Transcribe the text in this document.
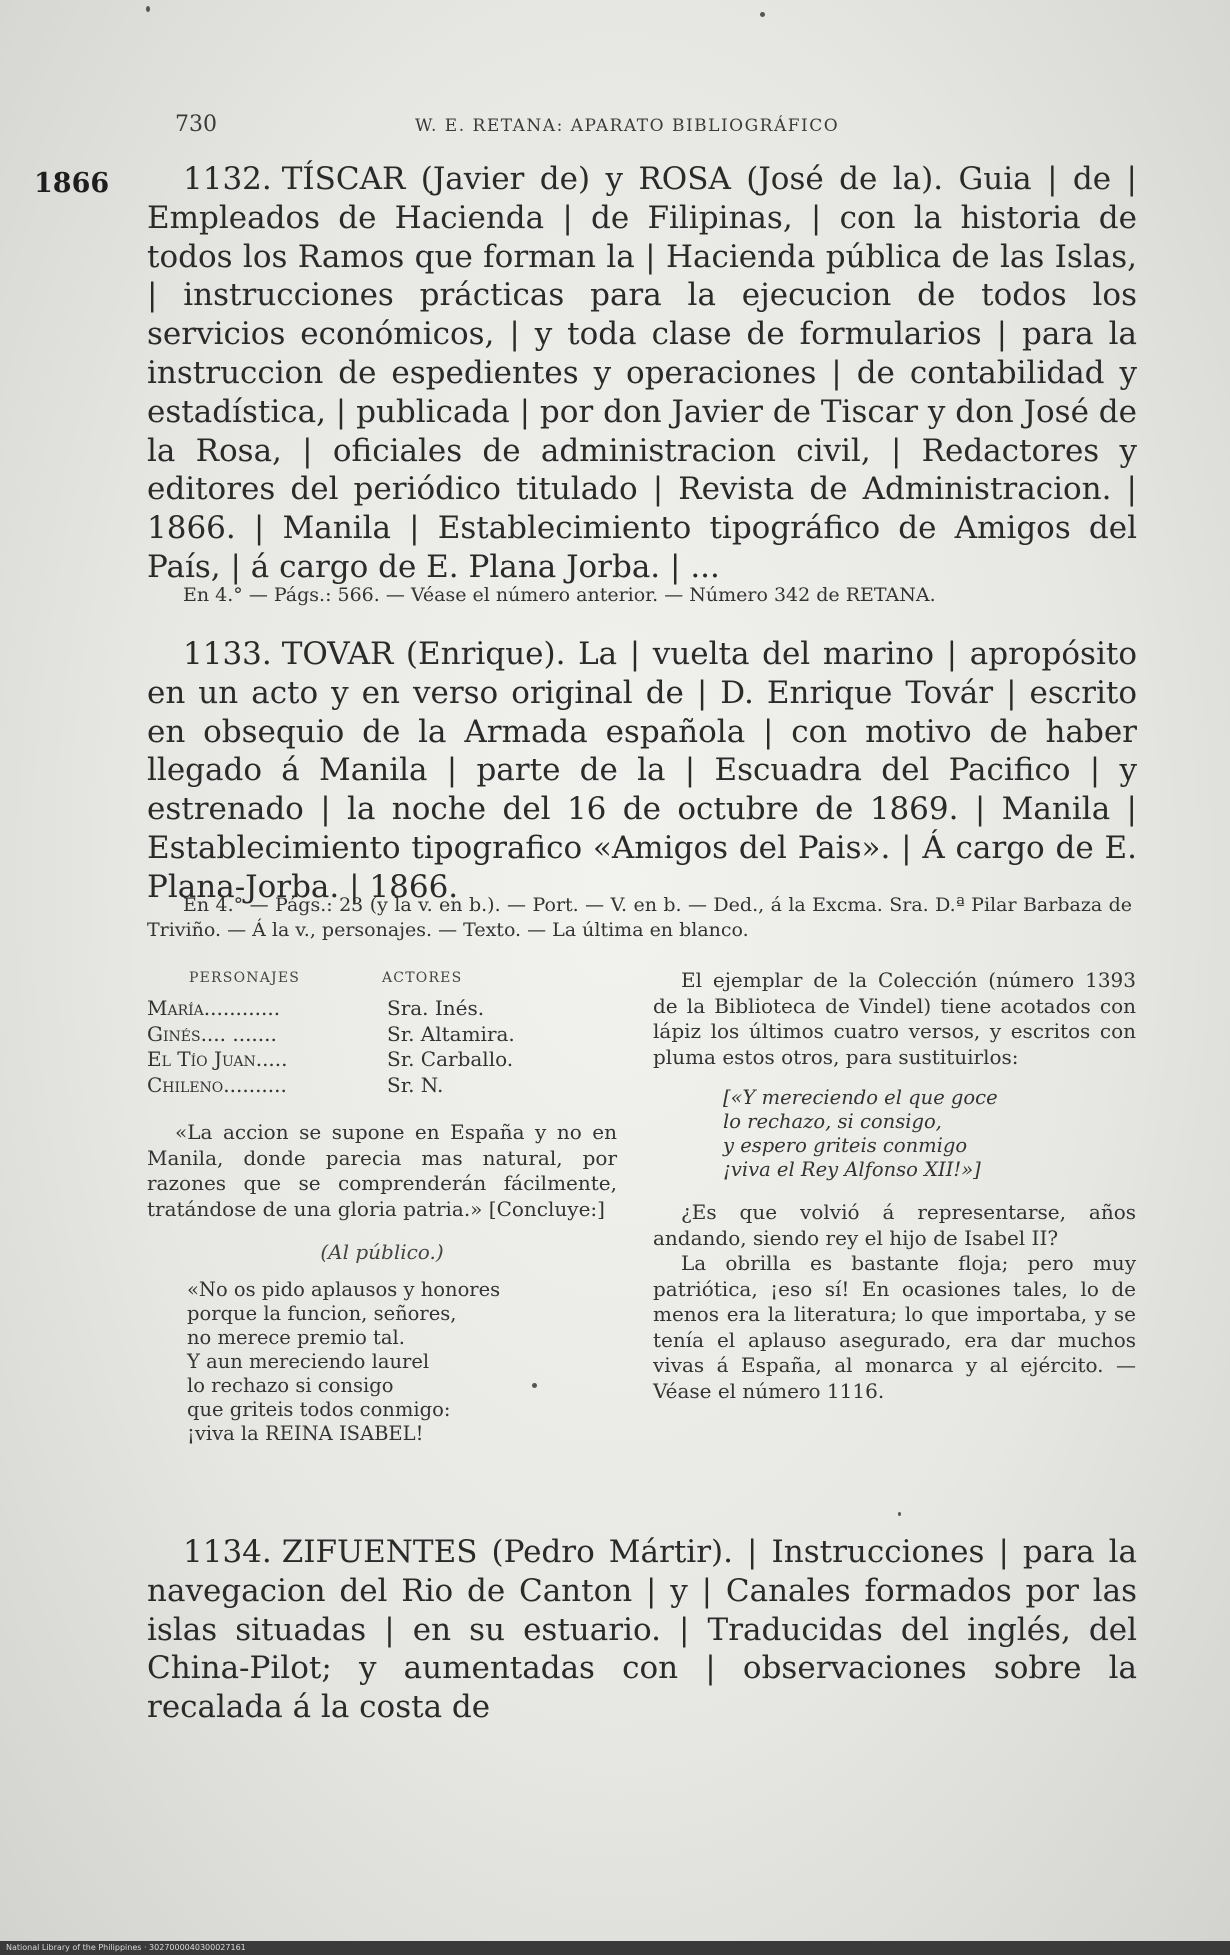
730	W. E. RETANA: APARATO BIBLIOGRÁFICO
1866	1132. TÍSCAR (Javier de) y ROSA (José de la). Guia | de | Empleados de Hacienda | de Filipinas, | con la historia de todos los Ramos que forman la | Hacienda pública de las Islas, | instrucciones prácticas para la ejecucion de todos los servicios económicos, | y toda clase de formularios | para la instruccion de espedientes y operaciones | de contabilidad y estadística, | publicada | por don Javier de Tiscar y don José de la Rosa, | oficiales de administracion civil, | Redactores y editores del periódico titulado | Revista de Administracion. | 1866. | Manila | Establecimiento tipográfico de Amigos del País, | á cargo de E. Plana Jorba. | ...
En 4.° — Págs.: 566. — Véase el número anterior. — Número 342 de RETANA.
1133. TOVAR (Enrique). La | vuelta del marino | apropósito en un acto y en verso original de | D. Enrique Továr | escrito en obsequio de la Armada española | con motivo de haber llegado á Manila | parte de la | Escuadra del Pacifico | y estrenado | la noche del 16 de octubre de 1869. | Manila | Establecimiento tipografico «Amigos del Pais». | Á cargo de E. Plana-Jorba. | 1866.
En 4.° — Págs.: 23 (y la v. en b.). — Port. — V. en b. — Ded., á la Excma. Sra. D.ª Pilar Barbaza de Triviño. — Á la v., personajes. — Texto. — La última en blanco.
PERSONAJES	ACTORES
María............	Sra. Inés.
Ginés.... .......	Sr. Altamira.
El Tío Juan.....	Sr. Carballo.
Chileno..........	Sr. N.

«La accion se supone en España y no en Manila, donde parecia mas natural, por razones que se comprenderán fácilmente, tratándose de una gloria patria.» [Concluye:]

(Al público.)
«No os pido aplausos y honores
porque la funcion, señores,
no merece premio tal.
Y aun mereciendo laurel
lo rechazo si consigo
que griteis todos conmigo:
¡viva la REINA ISABEL!

El ejemplar de la Colección (número 1393 de la Biblioteca de Vindel) tiene acotados con lápiz los últimos cuatro versos, y escritos con pluma estos otros, para sustituirlos:

[«Y mereciendo el que goce
lo rechazo, si consigo,
y espero griteis conmigo
¡viva el Rey Alfonso XII!»]

¿Es que volvió á representarse, años andando, siendo rey el hijo de Isabel II?

La obrilla es bastante floja; pero muy patriótica, ¡eso sí! En ocasiones tales, lo de menos era la literatura; lo que importaba, y se tenía el aplauso asegurado, era dar muchos vivas á España, al monarca y al ejército. — Véase el número 1116.

1134. ZIFUENTES (Pedro Mártir). | Instrucciones | para la navegacion del Rio de Canton | y | Canales formados por las islas situadas | en su estuario. | Traducidas del inglés, del China-Pilot; y aumentadas con | observaciones sobre la recalada á la costa de
National Library of the Philippines · 3027000040300027161
